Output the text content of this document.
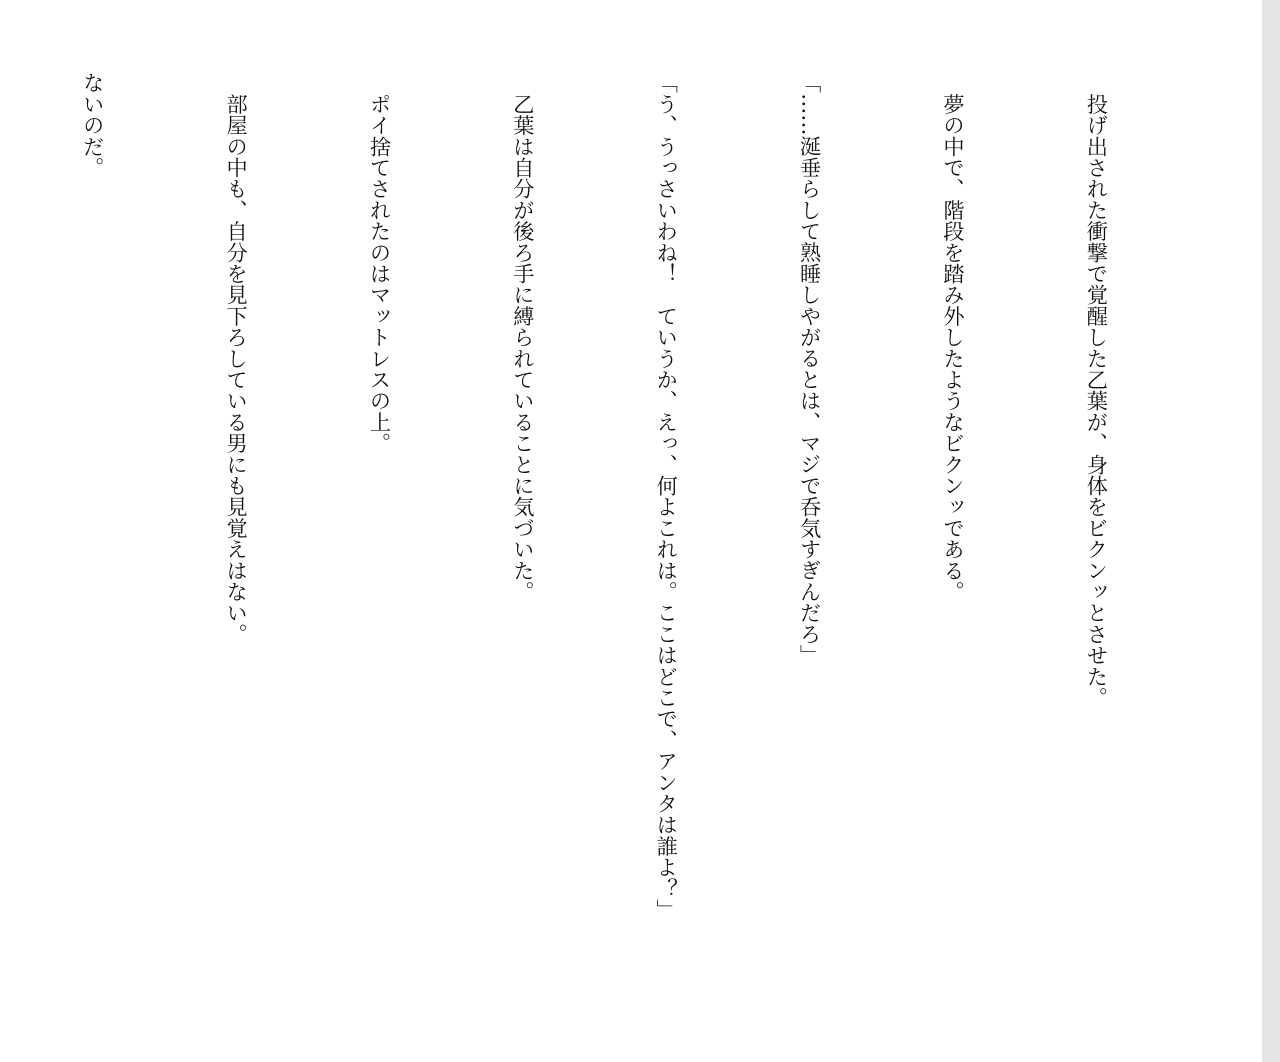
　投げ出された衝撃で覚醒した乙葉が、身体をビクンッとさせた。

　夢の中で、階段を踏み外したようなビクンッである。

「……涎垂らして熟睡しやがるとは、マジで呑気すぎんだろ」

「う、うっさいわね！　ていうか、えっ、何よこれは。ここはどこで、アンタは誰よ？」

　乙葉は自分が後ろ手に縛られていることに気づいた。

　ポイ捨てされたのはマットレスの上。

　部屋の中も、自分を見下ろしている男にも見覚えはない。

ないのだ。
